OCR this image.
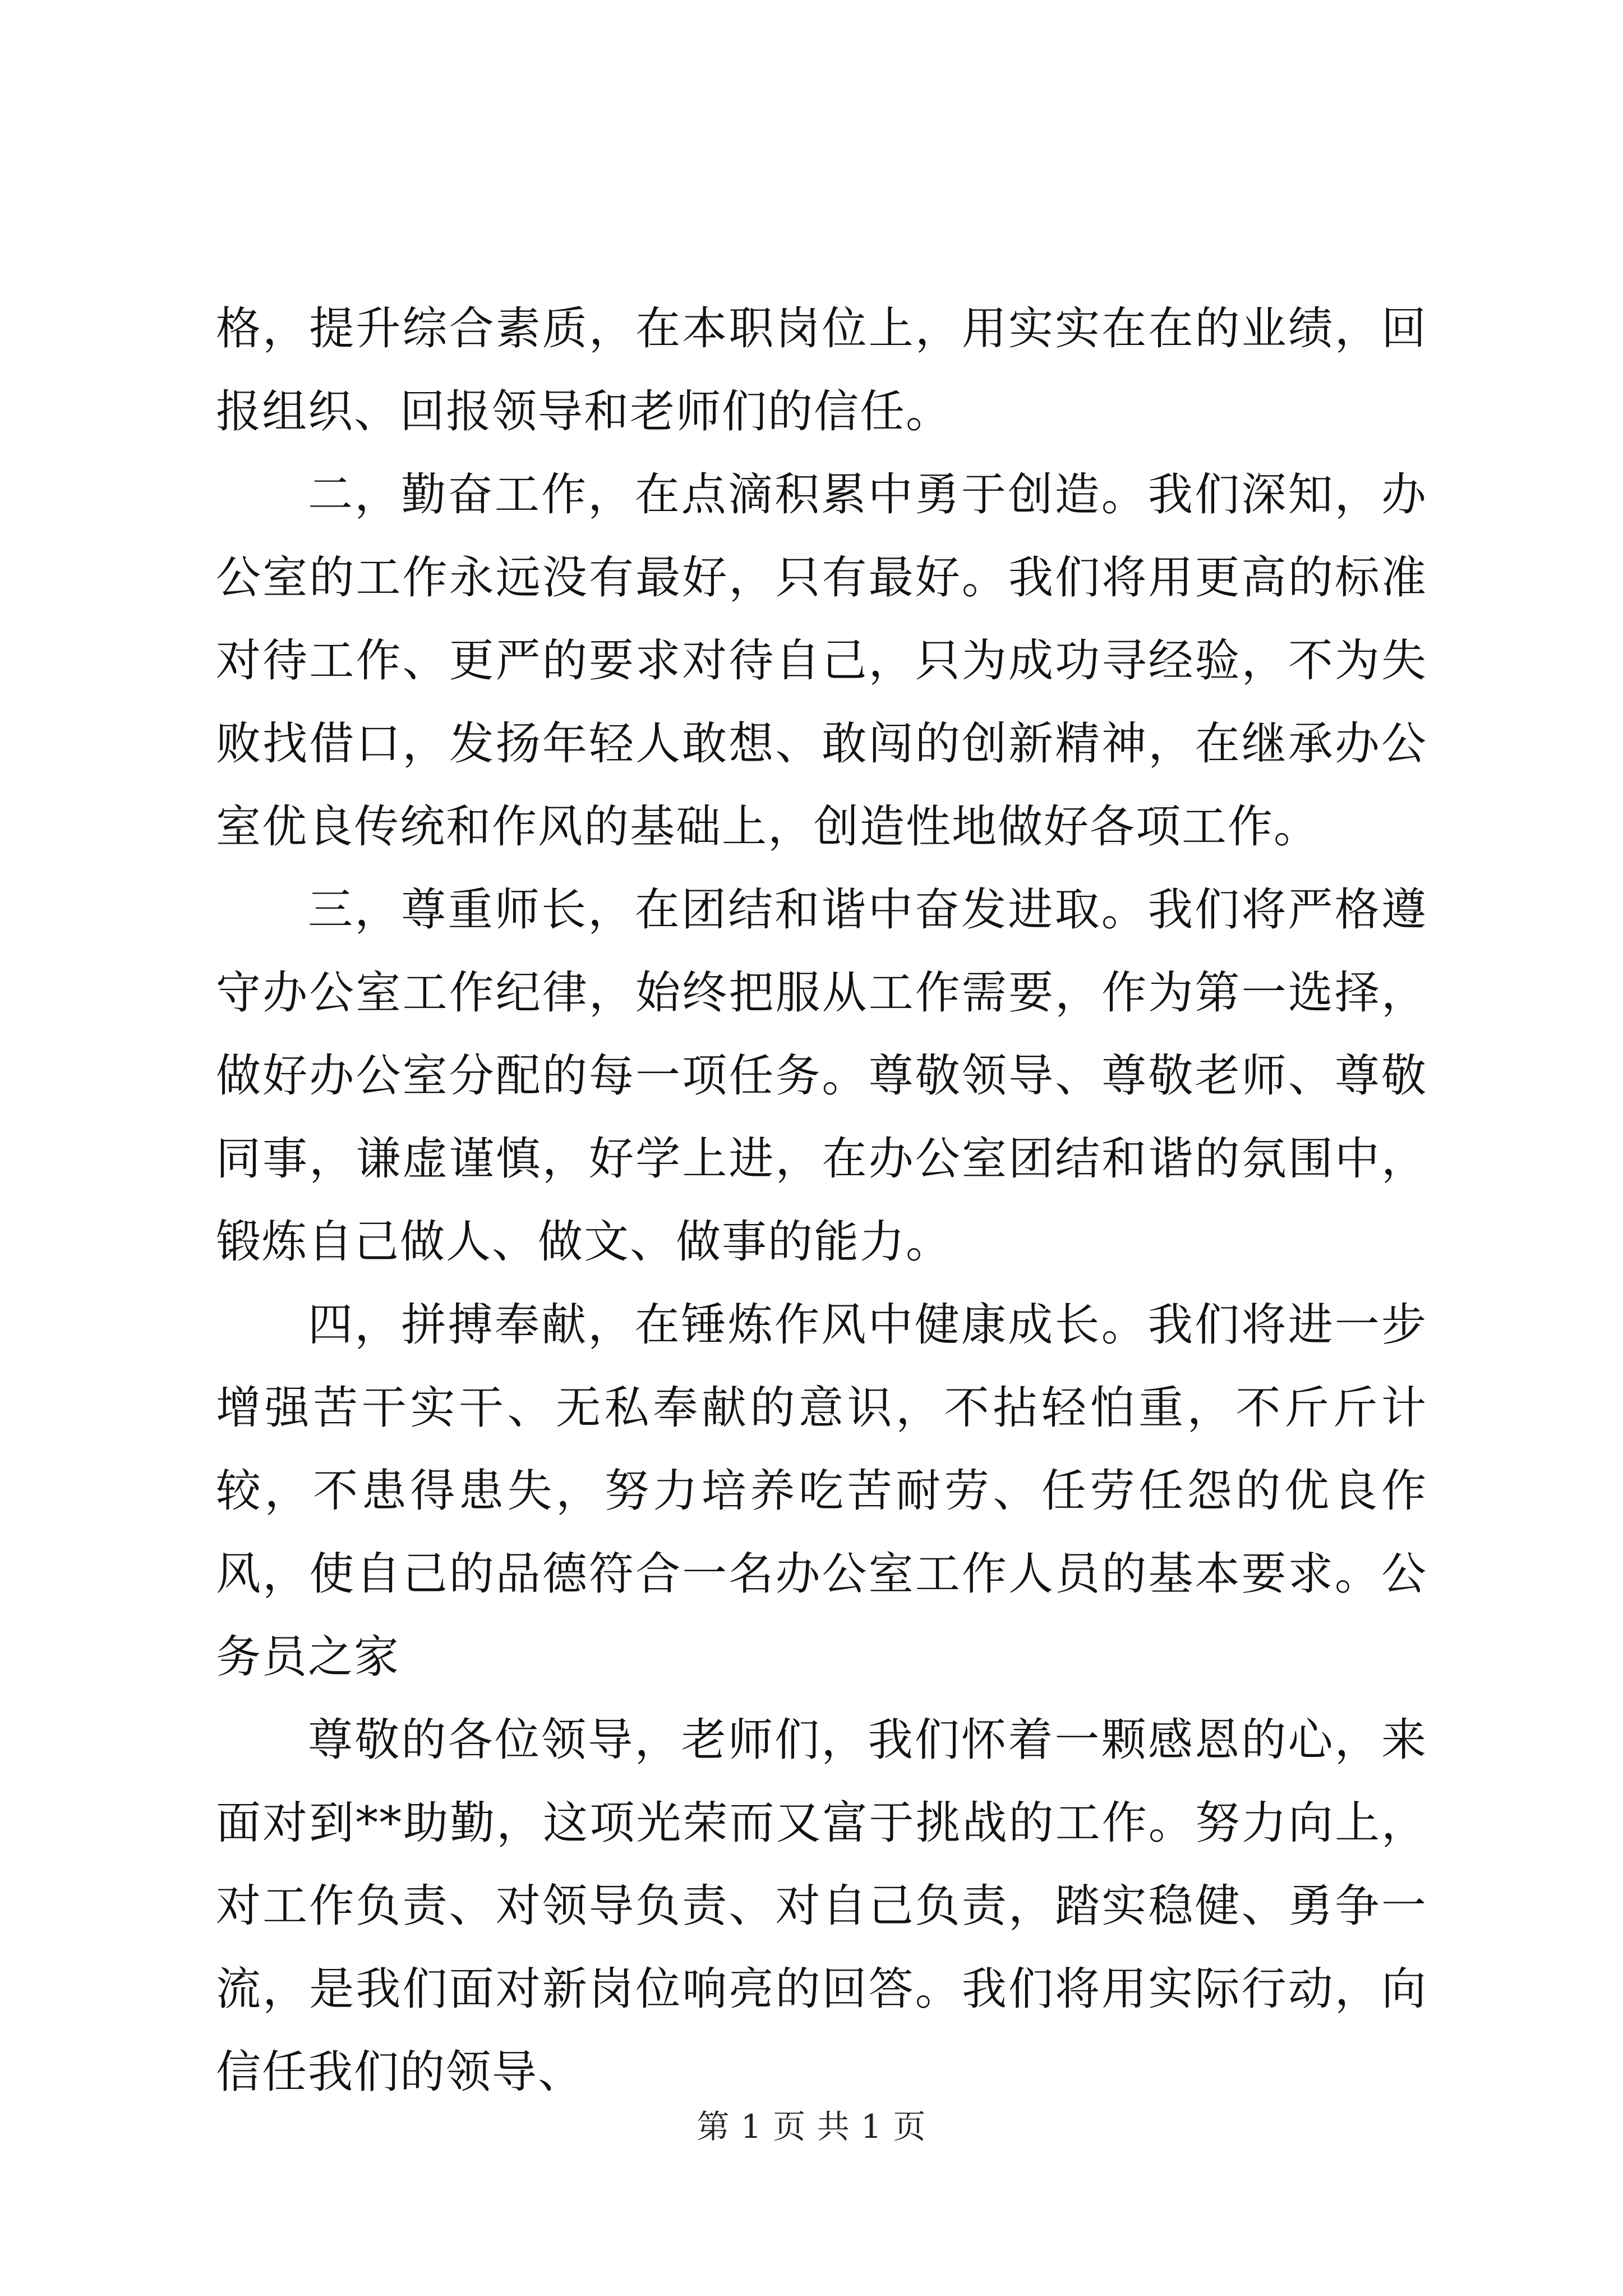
格，提升综合素质，在本职岗位上，用实实在在的业绩，回报组织、回报领导和老师们的信任。

二，勤奋工作，在点滴积累中勇于创造。我们深知，办公室的工作永远没有最好，只有最好。我们将用更高的标准对待工作、更严的要求对待自己，只为成功寻经验，不为失败找借口，发扬年轻人敢想、敢闯的创新精神，在继承办公室优良传统和作风的基础上，创造性地做好各项工作。

三，尊重师长，在团结和谐中奋发进取。我们将严格遵守办公室工作纪律，始终把服从工作需要，作为第一选择，做好办公室分配的每一项任务。尊敬领导、尊敬老师、尊敬同事，谦虚谨慎，好学上进，在办公室团结和谐的氛围中，锻炼自己做人、做文、做事的能力。

四，拼搏奉献，在锤炼作风中健康成长。我们将进一步增强苦干实干、无私奉献的意识，不拈轻怕重，不斤斤计较，不患得患失，努力培养吃苦耐劳、任劳任怨的优良作风，使自己的品德符合一名办公室工作人员的基本要求。公务员之家

尊敬的各位领导，老师们，我们怀着一颗感恩的心，来面对到**助勤，这项光荣而又富于挑战的工作。努力向上，对工作负责、对领导负责、对自己负责，踏实稳健、勇争一流，是我们面对新岗位响亮的回答。我们将用实际行动，向信任我们的领导、

第 1 页 共 1 页
